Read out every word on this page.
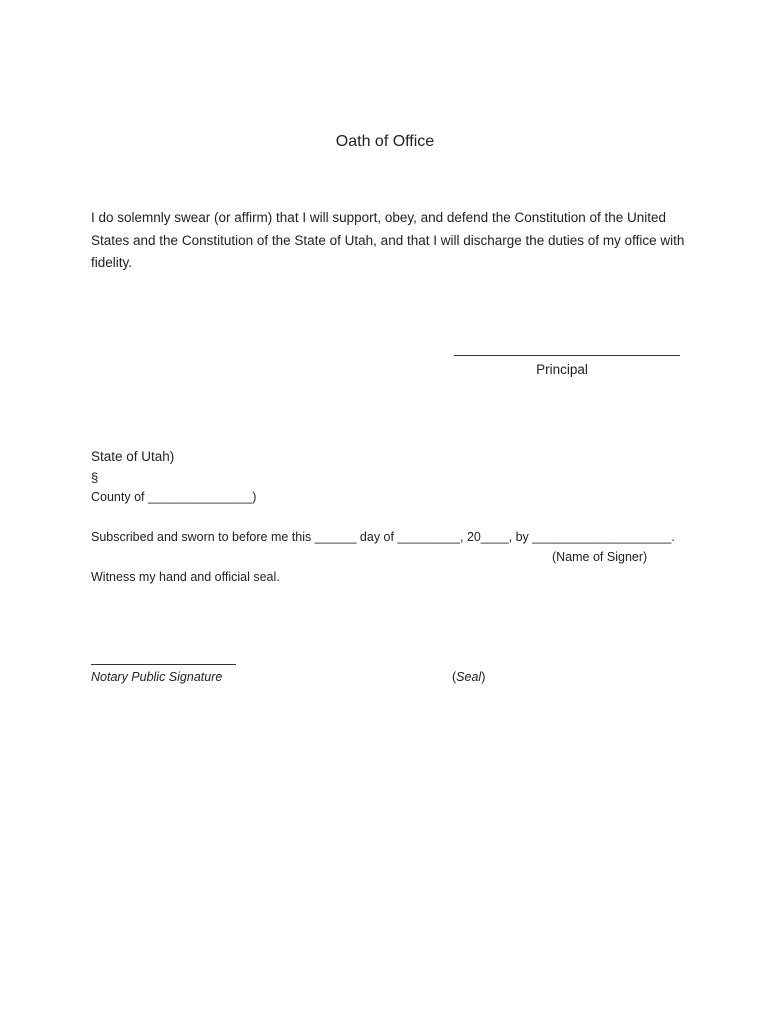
Oath of Office
I do solemnly swear (or affirm) that I will support, obey, and defend the Constitution of the United States and the Constitution of the State of Utah, and that I will discharge the duties of my office with fidelity.
Principal
State of Utah)
§
County of _______________)
Subscribed and sworn to before me this ______ day of _________, 20____, by ____________________.
(Name of Signer)
Witness my hand and official seal.
Notary Public Signature	(Seal)
